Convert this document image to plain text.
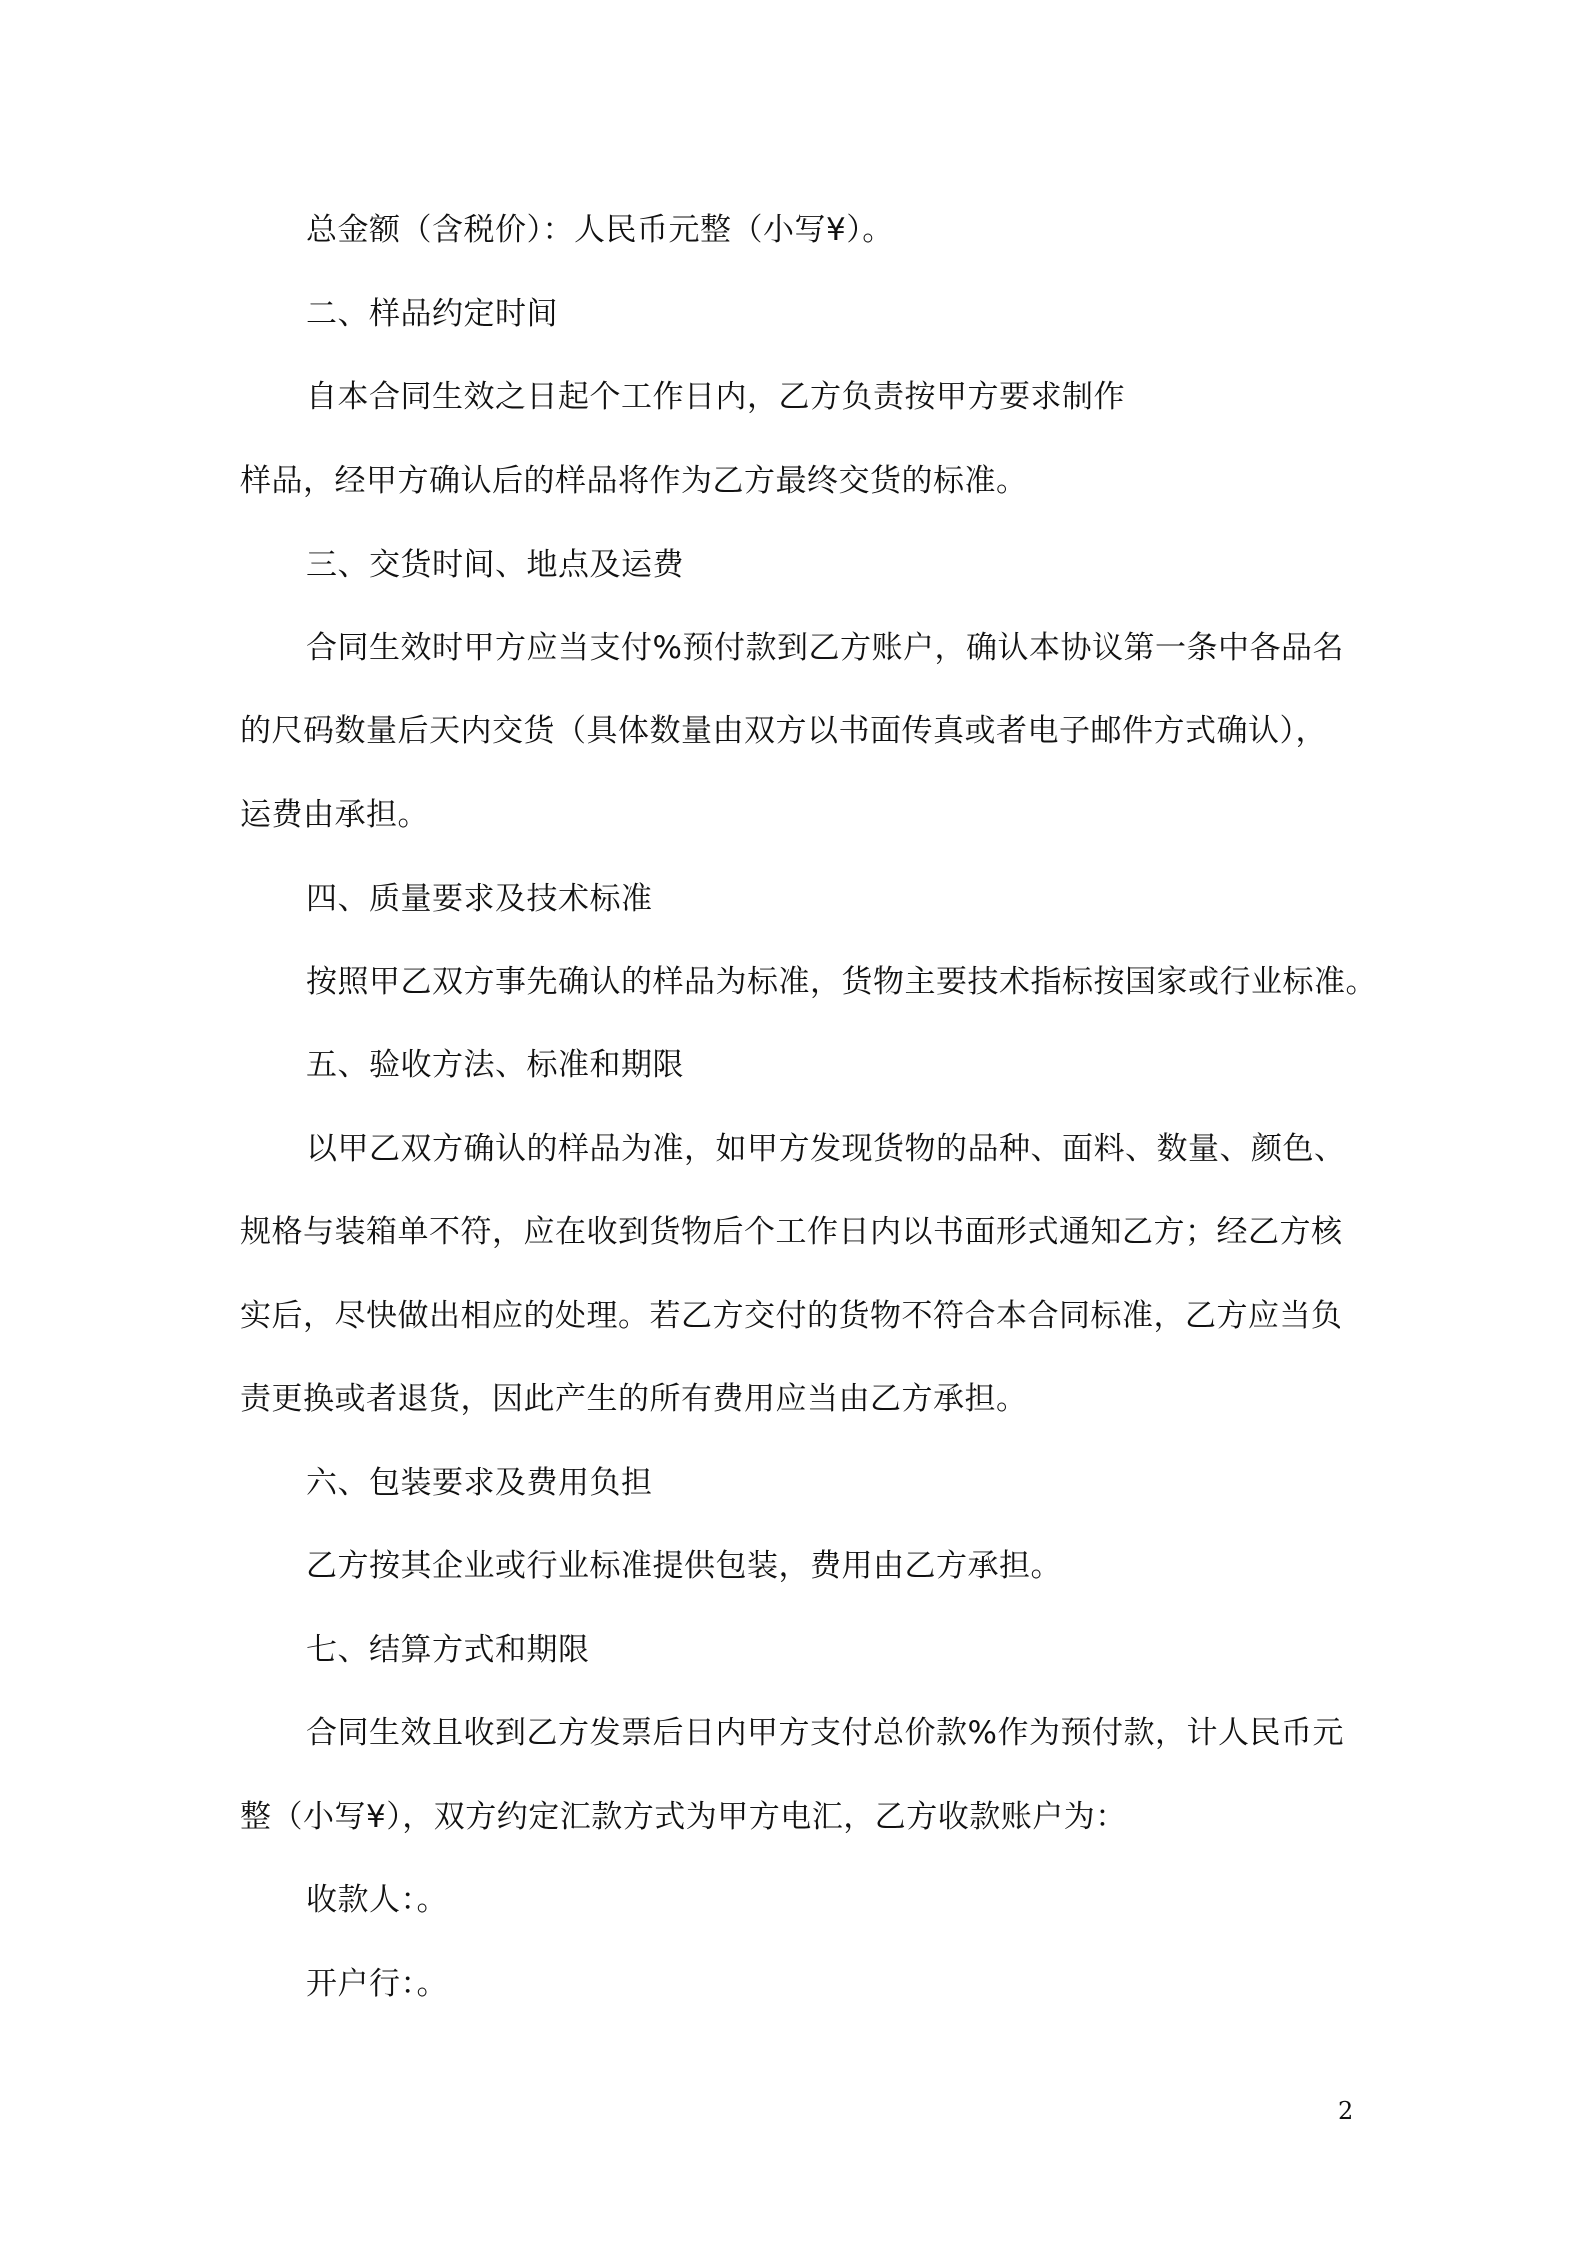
总金额（含税价）：人民币元整（小写¥）。
二、样品约定时间
自本合同生效之日起个工作日内，乙方负责按甲方要求制作
样品，经甲方确认后的样品将作为乙方最终交货的标准。
三、交货时间、地点及运费
合同生效时甲方应当支付%预付款到乙方账户，确认本协议第一条中各品名
的尺码数量后天内交货（具体数量由双方以书面传真或者电子邮件方式确认），
运费由承担。
四、质量要求及技术标准
按照甲乙双方事先确认的样品为标准，货物主要技术指标按国家或行业标准。
五、验收方法、标准和期限
以甲乙双方确认的样品为准，如甲方发现货物的品种、面料、数量、颜色、
规格与装箱单不符，应在收到货物后个工作日内以书面形式通知乙方；经乙方核
实后，尽快做出相应的处理。若乙方交付的货物不符合本合同标准，乙方应当负
责更换或者退货，因此产生的所有费用应当由乙方承担。
六、包装要求及费用负担
乙方按其企业或行业标准提供包装，费用由乙方承担。
七、结算方式和期限
合同生效且收到乙方发票后日内甲方支付总价款%作为预付款，计人民币元
整（小写¥），双方约定汇款方式为甲方电汇，乙方收款账户为：
收款人：。
开户行：。
2
